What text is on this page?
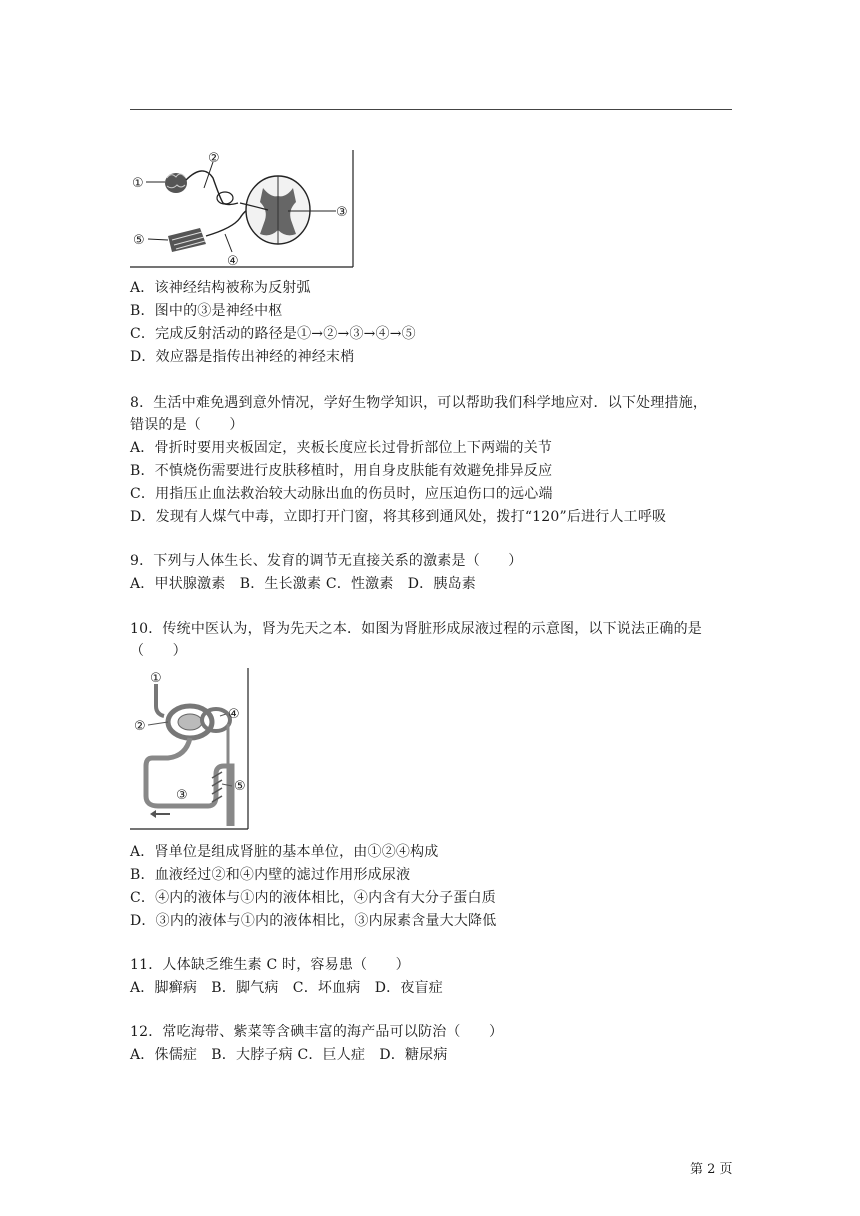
①
②
③
④
⑤
A．该神经结构被称为反射弧
B．图中的③是神经中枢
C．完成反射活动的路径是①→②→③→④→⑤
D．效应器是指传出神经的神经末梢
8．生活中难免遇到意外情况，学好生物学知识，可以帮助我们科学地应对．以下处理措施，
错误的是（　　）
A．骨折时要用夹板固定，夹板长度应长过骨折部位上下两端的关节
B．不慎烧伤需要进行皮肤移植时，用自身皮肤能有效避免排异反应
C．用指压止血法救治较大动脉出血的伤员时，应压迫伤口的远心端
D．发现有人煤气中毒，立即打开门窗，将其移到通风处，拨打“120”后进行人工呼吸
9．下列与人体生长、发育的调节无直接关系的激素是（　　）
A．甲状腺激素　B．生长激素 C．性激素　D．胰岛素
10．传统中医认为，肾为先天之本．如图为肾脏形成尿液过程的示意图，以下说法正确的是
（　　）
①
②
③
④
⑤
A．肾单位是组成肾脏的基本单位，由①②④构成
B．血液经过②和④内壁的滤过作用形成尿液
C．④内的液体与①内的液体相比，④内含有大分子蛋白质
D．③内的液体与①内的液体相比，③内尿素含量大大降低
11．人体缺乏维生素 C 时，容易患（　　）
A．脚癣病　B．脚气病　C．坏血病　D．夜盲症
12．常吃海带、紫菜等含碘丰富的海产品可以防治（　　）
A．侏儒症　B．大脖子病 C．巨人症　D．糖尿病
第 2 页
